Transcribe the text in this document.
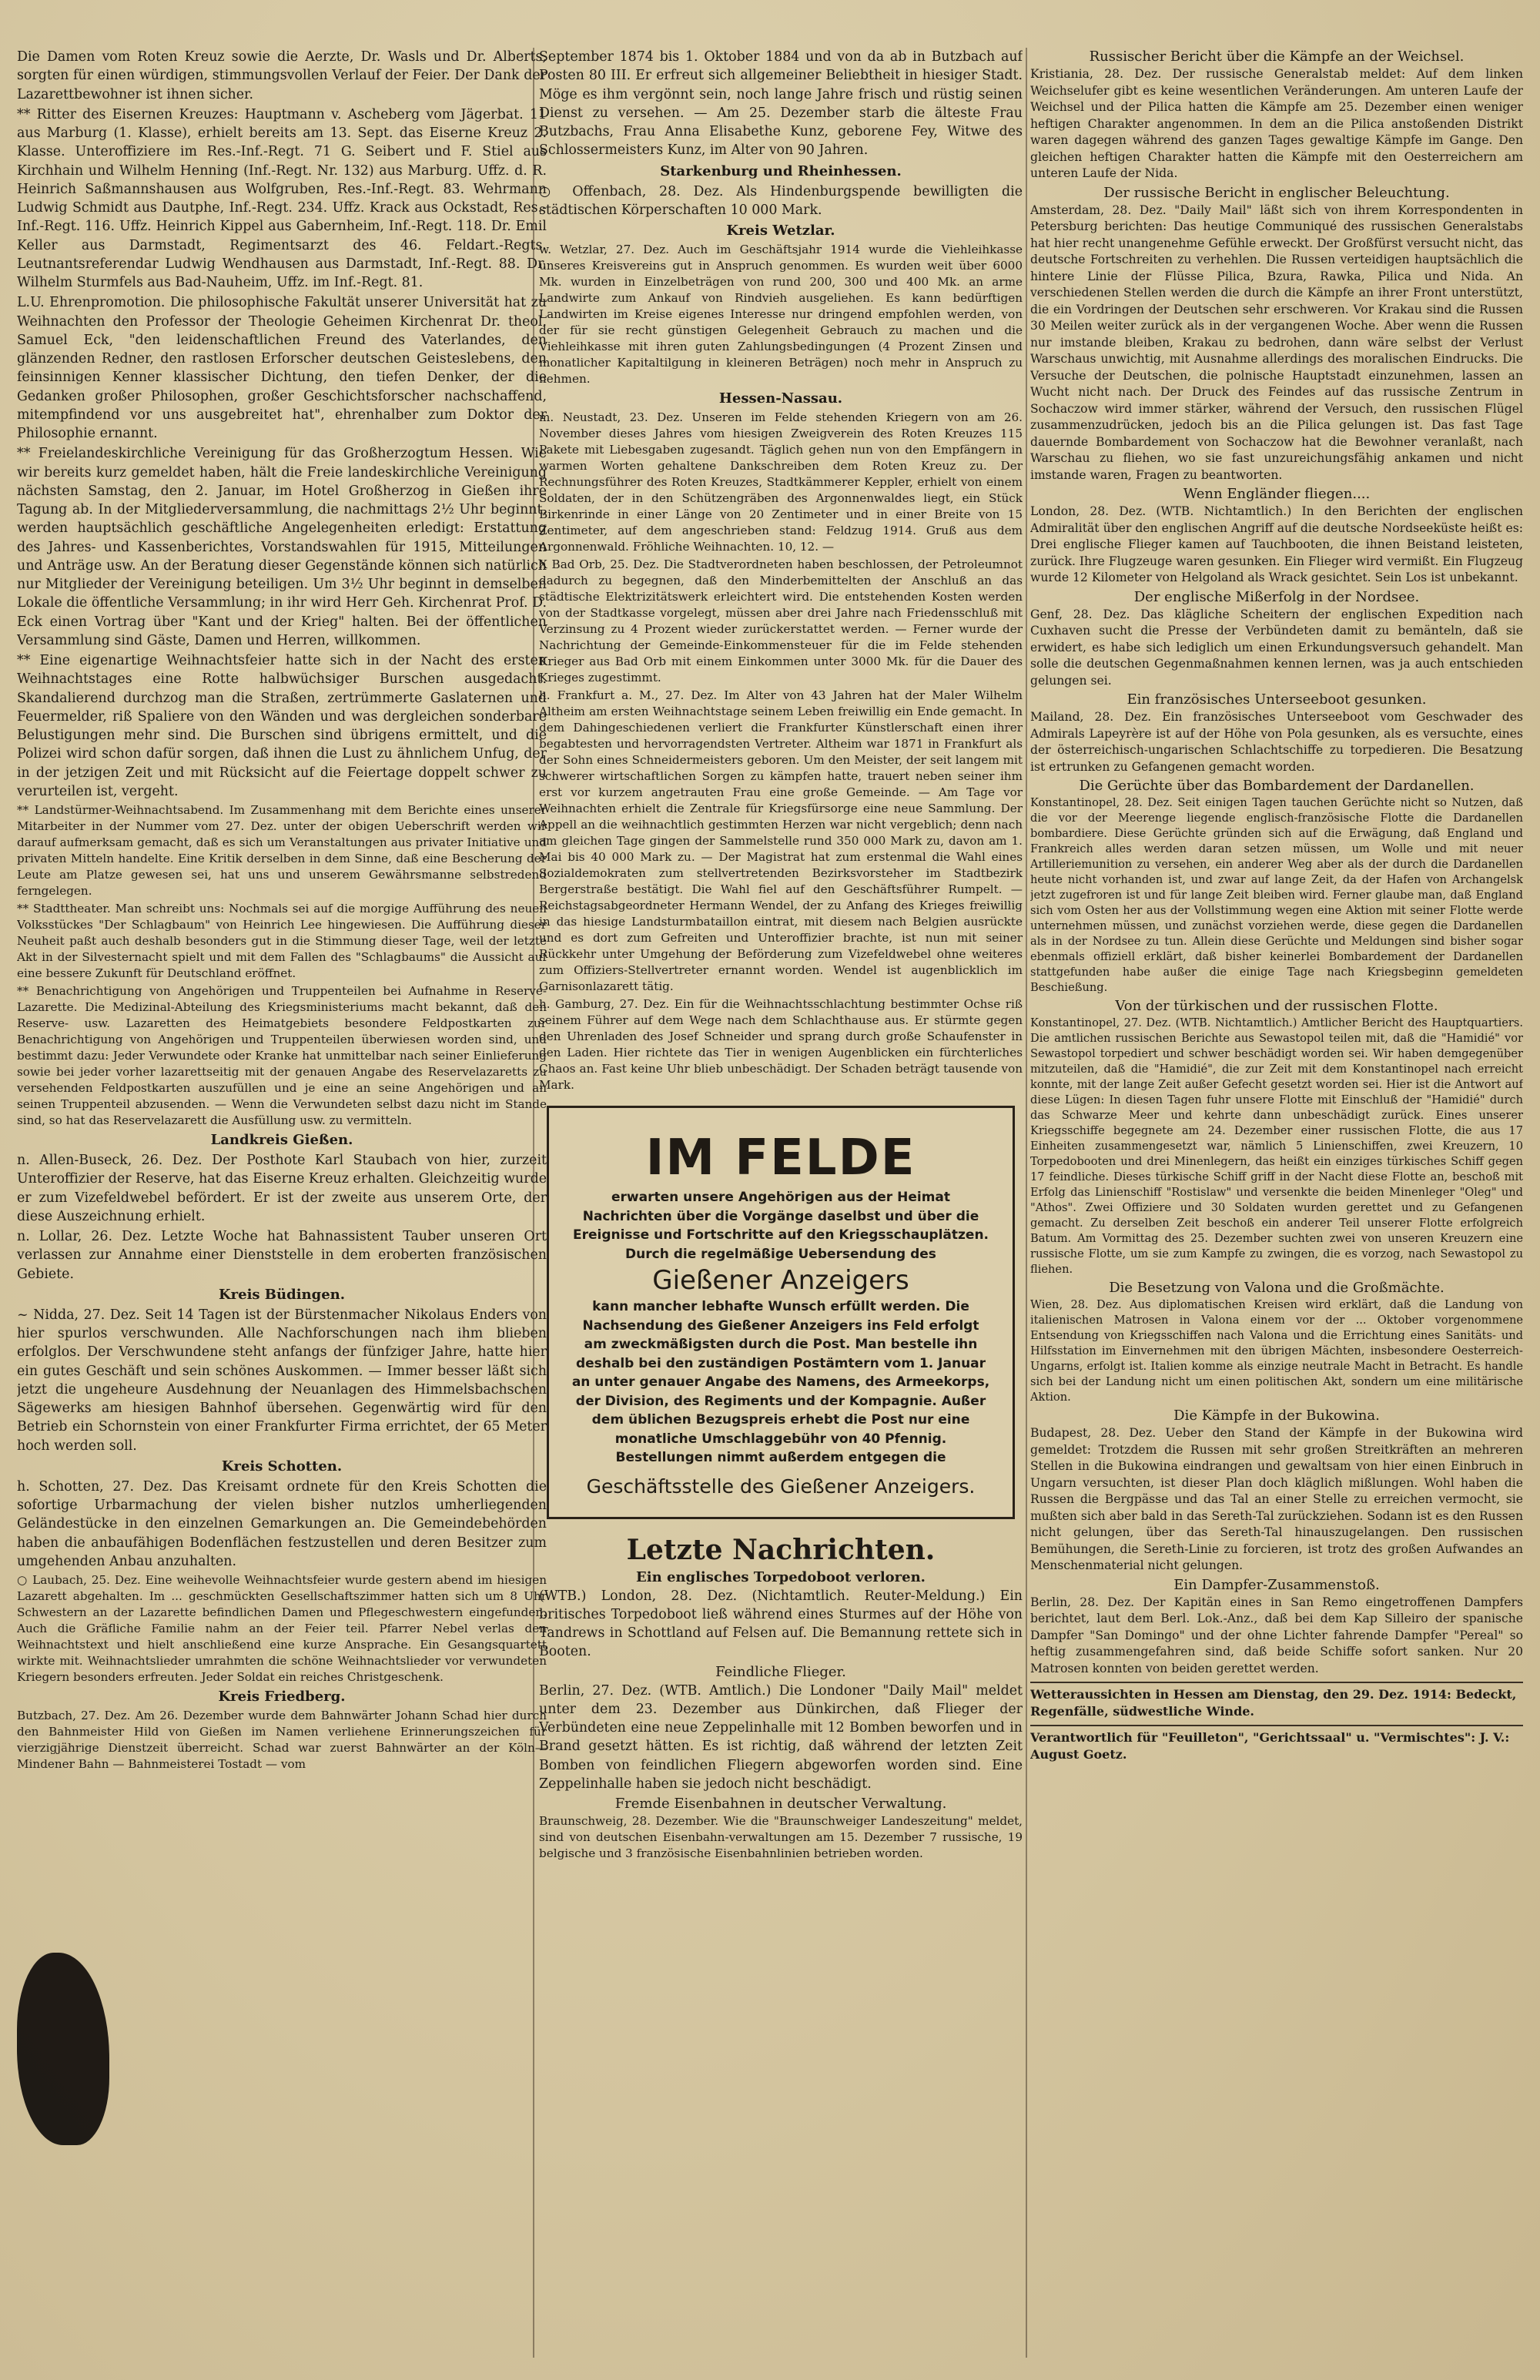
Die Damen vom Roten Kreuz sowie die Aerzte, Dr. Wasls und Dr. Alberts, sorgten für einen würdigen, stimmungsvollen Verlauf der Feier. Der Dank der Lazarettbewohner ist ihnen sicher.

** Ritter des Eisernen Kreuzes: Hauptmann v. Ascheberg vom Jägerbat. 11 aus Marburg (1. Klasse), erhielt bereits am 13. Sept. das Eiserne Kreuz 2. Klasse. Unteroffiziere im Res.-Inf.-Regt. 71 G. Seibert und F. Stiel aus Kirchhain und Wilhelm Henning (Inf.-Regt. Nr. 132) aus Marburg. Uffz. d. R. Heinrich Saßmannshausen aus Wolfgruben, Res.-Inf.-Regt. 83. Wehrmann Ludwig Schmidt aus Dautphe, Inf.-Regt. 234. Uffz. Krack aus Ockstadt, Res.-Inf.-Regt. 116. Uffz. Heinrich Kippel aus Gabernheim, Inf.-Regt. 118. Dr. Emil Keller aus Darmstadt, Regimentsarzt des 46. Feldart.-Regts. Leutnantsreferendar Ludwig Wendhausen aus Darmstadt, Inf.-Regt. 88. Dr. Wilhelm Sturmfels aus Bad-Nauheim, Uffz. im Inf.-Regt. 81.

L.U. Ehrenpromotion. Die philosophische Fakultät unserer Universität hat zu Weihnachten den Professor der Theologie Geheimen Kirchenrat Dr. theol. Samuel Eck, "den leidenschaftlichen Freund des Vaterlandes, den glänzenden Redner, den rastlosen Erforscher deutschen Geisteslebens, den feinsinnigen Kenner klassischer Dichtung, den tiefen Denker, der die Gedanken großer Philosophen, großer Geschichtsforscher nachschaffend, mitempfindend vor uns ausgebreitet hat", ehrenhalber zum Doktor der Philosophie ernannt.

** Freielandeskirchliche Vereinigung für das Großherzogtum Hessen. Wie wir bereits kurz gemeldet haben, hält die Freie landeskirchliche Vereinigung nächsten Samstag, den 2. Januar, im Hotel Großherzog in Gießen ihre Tagung ab. In der Mitgliederversammlung, die nachmittags 2½ Uhr beginnt, werden hauptsächlich geschäftliche Angelegenheiten erledigt: Erstattung des Jahres- und Kassenberichtes, Vorstandswahlen für 1915, Mitteilungen und Anträge usw. An der Beratung dieser Gegenstände können sich natürlich nur Mitglieder der Vereinigung beteiligen. Um 3½ Uhr beginnt in demselben Lokale die öffentliche Versammlung; in ihr wird Herr Geh. Kirchenrat Prof. D. Eck einen Vortrag über "Kant und der Krieg" halten. Bei der öffentlichen Versammlung sind Gäste, Damen und Herren, willkommen.

** Eine eigenartige Weihnachtsfeier hatte sich in der Nacht des ersten Weihnachtstages eine Rotte halbwüchsiger Burschen ausgedacht. Skandalierend durchzog man die Straßen, zertrümmerte Gaslaternen und Feuermelder, riß Spaliere von den Wänden und was dergleichen sonderbare Belustigungen mehr sind. Die Burschen sind übrigens ermittelt, und die Polizei wird schon dafür sorgen, daß ihnen die Lust zu ähnlichem Unfug, der in der jetzigen Zeit und mit Rücksicht auf die Feiertage doppelt schwer zu verurteilen ist, vergeht.

** Landstürmer-Weihnachtsabend. Im Zusammenhang mit dem Berichte eines unserer Mitarbeiter in der Nummer vom 27. Dez. unter der obigen Ueberschrift werden wir darauf aufmerksam gemacht, daß es sich um Veranstaltungen aus privater Initiative und privaten Mitteln handelte. Eine Kritik derselben in dem Sinne, daß eine Bescherung der Leute am Platze gewesen sei, hat uns und unserem Gewährsmanne selbstredend ferngelegen.

** Stadttheater. Man schreibt uns: Nochmals sei auf die morgige Aufführung des neuen Volksstückes "Der Schlagbaum" von Heinrich Lee hingewiesen. Die Aufführung dieser Neuheit paßt auch deshalb besonders gut in die Stimmung dieser Tage, weil der letzte Akt in der Silvesternacht spielt und mit dem Fallen des "Schlagbaums" die Aussicht auf eine bessere Zukunft für Deutschland eröffnet.

** Benachrichtigung von Angehörigen und Truppenteilen bei Aufnahme in Reserve-Lazarette. Die Medizinal-Abteilung des Kriegsministeriums macht bekannt, daß den Reserve- usw. Lazaretten des Heimatgebiets besondere Feldpostkarten zur Benachrichtigung von Angehörigen und Truppenteilen überwiesen worden sind, und bestimmt dazu: Jeder Verwundete oder Kranke hat unmittelbar nach seiner Einlieferung sowie bei jeder vorher lazarettseitig mit der genauen Angabe des Reservelazaretts zu versehenden Feldpostkarten auszufüllen und je eine an seine Angehörigen und an seinen Truppenteil abzusenden. — Wenn die Verwundeten selbst dazu nicht im Stande sind, so hat das Reservelazarett die Ausfüllung usw. zu vermitteln.

Landkreis Gießen.

n. Allen-Buseck, 26. Dez. Der Posthote Karl Staubach von hier, zurzeit Unteroffizier der Reserve, hat das Eiserne Kreuz erhalten. Gleichzeitig wurde er zum Vizefeldwebel befördert. Er ist der zweite aus unserem Orte, der diese Auszeichnung erhielt.

n. Lollar, 26. Dez. Letzte Woche hat Bahnassistent Tauber unseren Ort verlassen zur Annahme einer Dienststelle in dem eroberten französischen Gebiete.

Kreis Büdingen.

~ Nidda, 27. Dez. Seit 14 Tagen ist der Bürstenmacher Nikolaus Enders von hier spurlos verschwunden. Alle Nachforschungen nach ihm blieben erfolglos. Der Verschwundene steht anfangs der fünfziger Jahre, hatte hier ein gutes Geschäft und sein schönes Auskommen. — Immer besser läßt sich jetzt die ungeheure Ausdehnung der Neuanlagen des Himmelsbachschen Sägewerks am hiesigen Bahnhof übersehen. Gegenwärtig wird für den Betrieb ein Schornstein von einer Frankfurter Firma errichtet, der 65 Meter hoch werden soll.

Kreis Schotten.

h. Schotten, 27. Dez. Das Kreisamt ordnete für den Kreis Schotten die sofortige Urbarmachung der vielen bisher nutzlos umherliegenden Geländestücke in den einzelnen Gemarkungen an. Die Gemeindebehörden haben die anbaufähigen Bodenflächen festzustellen und deren Besitzer zum umgehenden Anbau anzuhalten.

○ Laubach, 25. Dez. Eine weihevolle Weihnachtsfeier wurde gestern abend im hiesigen Lazarett abgehalten. Im ... geschmückten Gesellschaftszimmer hatten sich um 8 Uhr Schwestern an der Lazarette befindlichen Damen und Pflegeschwestern eingefunden. Auch die Gräfliche Familie nahm an der Feier teil. Pfarrer Nebel verlas den Weihnachtstext und hielt anschließend eine kurze Ansprache. Ein Gesangsquartett wirkte mit. Weihnachtslieder umrahmten die schöne Weihnachtslieder vor verwundeten Kriegern besonders erfreuten. Jeder Soldat ein reiches Christgeschenk.

Kreis Friedberg.

Butzbach, 27. Dez. Am 26. Dezember wurde dem Bahnwärter Johann Schad hier durch den Bahnmeister Hild von Gießen im Namen verliehene Erinnerungszeichen für vierzigjährige Dienstzeit überreicht. Schad war zuerst Bahnwärter an der Köln—Mindener Bahn — Bahnmeisterei Tostadt — vom

September 1874 bis 1. Oktober 1884 und von da ab in Butzbach auf Posten 80 III. Er erfreut sich allgemeiner Beliebtheit in hiesiger Stadt. Möge es ihm vergönnt sein, noch lange Jahre frisch und rüstig seinen Dienst zu versehen. — Am 25. Dezember starb die älteste Frau Butzbachs, Frau Anna Elisabethe Kunz, geborene Fey, Witwe des Schlossermeisters Kunz, im Alter von 90 Jahren.

Starkenburg und Rheinhessen.

○ Offenbach, 28. Dez. Als Hindenburgspende bewilligten die städtischen Körperschaften 10 000 Mark.

Kreis Wetzlar.

w. Wetzlar, 27. Dez. Auch im Geschäftsjahr 1914 wurde die Viehleihkasse unseres Kreisvereins gut in Anspruch genommen. Es wurden weit über 6000 Mk. wurden in Einzelbeträgen von rund 200, 300 und 400 Mk. an arme Landwirte zum Ankauf von Rindvieh ausgeliehen. Es kann bedürftigen Landwirten im Kreise eigenes Interesse nur dringend empfohlen werden, von der für sie recht günstigen Gelegenheit Gebrauch zu machen und die Viehleihkasse mit ihren guten Zahlungsbedingungen (4 Prozent Zinsen und monatlicher Kapitaltilgung in kleineren Beträgen) noch mehr in Anspruch zu nehmen.

Hessen-Nassau.

m. Neustadt, 23. Dez. Unseren im Felde stehenden Kriegern von am 26. November dieses Jahres vom hiesigen Zweigverein des Roten Kreuzes 115 Pakete mit Liebesgaben zugesandt. Täglich gehen nun von den Empfängern in warmen Worten gehaltene Dankschreiben dem Roten Kreuz zu. Der Rechnungsführer des Roten Kreuzes, Stadtkämmerer Keppler, erhielt von einem Soldaten, der in den Schützengräben des Argonnenwaldes liegt, ein Stück Birkenrinde in einer Länge von 20 Zentimeter und in einer Breite von 15 Zentimeter, auf dem angeschrieben stand: Feldzug 1914. Gruß aus dem Argonnenwald. Fröhliche Weihnachten. 10, 12. —

X Bad Orb, 25. Dez. Die Stadtverordneten haben beschlossen, der Petroleumnot dadurch zu begegnen, daß den Minderbemittelten der Anschluß an das städtische Elektrizitätswerk erleichtert wird. Die entstehenden Kosten werden von der Stadtkasse vorgelegt, müssen aber drei Jahre nach Friedensschluß mit Verzinsung zu 4 Prozent wieder zurückerstattet werden. — Ferner wurde der Nachrichtung der Gemeinde-Einkommensteuer für die im Felde stehenden Krieger aus Bad Orb mit einem Einkommen unter 3000 Mk. für die Dauer des Krieges zugestimmt.

h. Frankfurt a. M., 27. Dez. Im Alter von 43 Jahren hat der Maler Wilhelm Altheim am ersten Weihnachtstage seinem Leben freiwillig ein Ende gemacht. In dem Dahingeschiedenen verliert die Frankfurter Künstlerschaft einen ihrer begabtesten und hervorragendsten Vertreter. Altheim war 1871 in Frankfurt als der Sohn eines Schneidermeisters geboren. Um den Meister, der seit langem mit schwerer wirtschaftlichen Sorgen zu kämpfen hatte, trauert neben seiner ihm erst vor kurzem angetrauten Frau eine große Gemeinde. — Am Tage vor Weihnachten erhielt die Zentrale für Kriegsfürsorge eine neue Sammlung. Der Appell an die weihnachtlich gestimmten Herzen war nicht vergeblich; denn nach am gleichen Tage gingen der Sammelstelle rund 350 000 Mark zu, davon am 1. Mai bis 40 000 Mark zu. — Der Magistrat hat zum erstenmal die Wahl eines Sozialdemokraten zum stellvertretenden Bezirksvorsteher im Stadtbezirk Bergerstraße bestätigt. Die Wahl fiel auf den Geschäftsführer Rumpelt. — Reichstagsabgeordneter Hermann Wendel, der zu Anfang des Krieges freiwillig in das hiesige Landsturmbataillon eintrat, mit diesem nach Belgien ausrückte und es dort zum Gefreiten und Unteroffizier brachte, ist nun mit seiner Rückkehr unter Umgehung der Beförderung zum Vizefeldwebel ohne weiteres zum Offiziers-Stellvertreter ernannt worden. Wendel ist augenblicklich im Garnisonlazarett tätig.

h. Gamburg, 27. Dez. Ein für die Weihnachtsschlachtung bestimmter Ochse riß seinem Führer auf dem Wege nach dem Schlachthause aus. Er stürmte gegen den Uhrenladen des Josef Schneider und sprang durch große Schaufenster in den Laden. Hier richtete das Tier in wenigen Augenblicken ein fürchterliches Chaos an. Fast keine Uhr blieb unbeschädigt. Der Schaden beträgt tausende von Mark.

IM FELDE
erwarten unsere Angehörigen aus der Heimat Nachrichten über die Vorgänge daselbst und über die Ereignisse und Fortschritte auf den Kriegsschauplätzen. Durch die regelmäßige Uebersendung des
Gießener Anzeigers
kann mancher lebhafte Wunsch erfüllt werden. Die Nachsendung des Gießener Anzeigers ins Feld erfolgt am zweckmäßigsten durch die Post. Man bestelle ihn deshalb bei den zuständigen Postämtern vom 1. Januar an unter genauer Angabe des Namens, des Armeekorps, der Division, des Regiments und der Kompagnie. Außer dem üblichen Bezugspreis erhebt die Post nur eine monatliche Umschlaggebühr von 40 Pfennig. Bestellungen nimmt außerdem entgegen die
Geschäftsstelle des Gießener Anzeigers.
Letzte Nachrichten.
Ein englisches Torpedoboot verloren.

(WTB.) London, 28. Dez. (Nichtamtlich. Reuter-Meldung.) Ein britisches Torpedoboot ließ während eines Sturmes auf der Höhe von Tandrews in Schottland auf Felsen auf. Die Bemannung rettete sich in Booten.

Feindliche Flieger.

Berlin, 27. Dez. (WTB. Amtlich.) Die Londoner "Daily Mail" meldet unter dem 23. Dezember aus Dünkirchen, daß Flieger der Verbündeten eine neue Zeppelinhalle mit 12 Bomben beworfen und in Brand gesetzt hätten. Es ist richtig, daß während der letzten Zeit Bomben von feindlichen Fliegern abgeworfen worden sind. Eine Zeppelinhalle haben sie jedoch nicht beschädigt.

Fremde Eisenbahnen in deutscher Verwaltung.

Braunschweig, 28. Dezember. Wie die "Braunschweiger Landeszeitung" meldet, sind von deutschen Eisenbahn-verwaltungen am 15. Dezember 7 russische, 19 belgische und 3 französische Eisenbahnlinien betrieben worden.

Russischer Bericht über die Kämpfe an der Weichsel.

Kristiania, 28. Dez. Der russische Generalstab meldet: Auf dem linken Weichselufer gibt es keine wesentlichen Veränderungen. Am unteren Laufe der Weichsel und der Pilica hatten die Kämpfe am 25. Dezember einen weniger heftigen Charakter angenommen. In dem an die Pilica anstoßenden Distrikt waren dagegen während des ganzen Tages gewaltige Kämpfe im Gange. Den gleichen heftigen Charakter hatten die Kämpfe mit den Oesterreichern am unteren Laufe der Nida.

Der russische Bericht in englischer Beleuchtung.

Amsterdam, 28. Dez. "Daily Mail" läßt sich von ihrem Korrespondenten in Petersburg berichten: Das heutige Communiqué des russischen Generalstabs hat hier recht unangenehme Gefühle erweckt. Der Großfürst versucht nicht, das deutsche Fortschreiten zu verhehlen. Die Russen verteidigen hauptsächlich die hintere Linie der Flüsse Pilica, Bzura, Rawka, Pilica und Nida. An verschiedenen Stellen werden die durch die Kämpfe an ihrer Front unterstützt, die ein Vordringen der Deutschen sehr erschweren. Vor Krakau sind die Russen 30 Meilen weiter zurück als in der vergangenen Woche. Aber wenn die Russen nur imstande bleiben, Krakau zu bedrohen, dann wäre selbst der Verlust Warschaus unwichtig, mit Ausnahme allerdings des moralischen Eindrucks. Die Versuche der Deutschen, die polnische Hauptstadt einzunehmen, lassen an Wucht nicht nach. Der Druck des Feindes auf das russische Zentrum in Sochaczow wird immer stärker, während der Versuch, den russischen Flügel zusammenzudrücken, jedoch bis an die Pilica gelungen ist. Das fast Tage dauernde Bombardement von Sochaczow hat die Bewohner veranlaßt, nach Warschau zu fliehen, wo sie fast unzureichungsfähig ankamen und nicht imstande waren, Fragen zu beantworten.

Wenn Engländer fliegen....

London, 28. Dez. (WTB. Nichtamtlich.) In den Berichten der englischen Admiralität über den englischen Angriff auf die deutsche Nordseeküste heißt es: Drei englische Flieger kamen auf Tauchbooten, die ihnen Beistand leisteten, zurück. Ihre Flugzeuge waren gesunken. Ein Flieger wird vermißt. Ein Flugzeug wurde 12 Kilometer von Helgoland als Wrack gesichtet. Sein Los ist unbekannt.

Der englische Mißerfolg in der Nordsee.

Genf, 28. Dez. Das klägliche Scheitern der englischen Expedition nach Cuxhaven sucht die Presse der Verbündeten damit zu bemänteln, daß sie erwidert, es habe sich lediglich um einen Erkundungsversuch gehandelt. Man solle die deutschen Gegenmaßnahmen kennen lernen, was ja auch entschieden gelungen sei.

Ein französisches Unterseeboot gesunken.

Mailand, 28. Dez. Ein französisches Unterseeboot vom Geschwader des Admirals Lapeyrère ist auf der Höhe von Pola gesunken, als es versuchte, eines der österreichisch-ungarischen Schlachtschiffe zu torpedieren. Die Besatzung ist ertrunken zu Gefangenen gemacht worden.

Die Gerüchte über das Bombardement der Dardanellen.

Konstantinopel, 28. Dez. Seit einigen Tagen tauchen Gerüchte nicht so Nutzen, daß die vor der Meerenge liegende englisch-französische Flotte die Dardanellen bombardiere. Diese Gerüchte gründen sich auf die Erwägung, daß England und Frankreich alles werden daran setzen müssen, um Wolle und mit neuer Artilleriemunition zu versehen, ein anderer Weg aber als der durch die Dardanellen heute nicht vorhanden ist, und zwar auf lange Zeit, da der Hafen von Archangelsk jetzt zugefroren ist und für lange Zeit bleiben wird. Ferner glaube man, daß England sich vom Osten her aus der Vollstimmung wegen eine Aktion mit seiner Flotte werde unternehmen müssen, und zunächst vorziehen werde, diese gegen die Dardanellen als in der Nordsee zu tun. Allein diese Gerüchte und Meldungen sind bisher sogar ebenmals offiziell erklärt, daß bisher keinerlei Bombardement der Dardanellen stattgefunden habe außer die einige Tage nach Kriegsbeginn gemeldeten Beschießung.

Von der türkischen und der russischen Flotte.

Konstantinopel, 27. Dez. (WTB. Nichtamtlich.) Amtlicher Bericht des Hauptquartiers. Die amtlichen russischen Berichte aus Sewastopol teilen mit, daß die "Hamidié" vor Sewastopol torpediert und schwer beschädigt worden sei. Wir haben demgegenüber mitzuteilen, daß die "Hamidié", die zur Zeit mit dem Konstantinopel nach erreicht konnte, mit der lange Zeit außer Gefecht gesetzt worden sei. Hier ist die Antwort auf diese Lügen: In diesen Tagen fuhr unsere Flotte mit Einschluß der "Hamidié" durch das Schwarze Meer und kehrte dann unbeschädigt zurück. Eines unserer Kriegsschiffe begegnete am 24. Dezember einer russischen Flotte, die aus 17 Einheiten zusammengesetzt war, nämlich 5 Linienschiffen, zwei Kreuzern, 10 Torpedobooten und drei Minenlegern, das heißt ein einziges türkisches Schiff gegen 17 feindliche. Dieses türkische Schiff griff in der Nacht diese Flotte an, beschoß mit Erfolg das Linienschiff "Rostislaw" und versenkte die beiden Minenleger "Oleg" und "Athos". Zwei Offiziere und 30 Soldaten wurden gerettet und zu Gefangenen gemacht. Zu derselben Zeit beschoß ein anderer Teil unserer Flotte erfolgreich Batum. Am Vormittag des 25. Dezember suchten zwei von unseren Kreuzern eine russische Flotte, um sie zum Kampfe zu zwingen, die es vorzog, nach Sewastopol zu fliehen.

Die Besetzung von Valona und die Großmächte.

Wien, 28. Dez. Aus diplomatischen Kreisen wird erklärt, daß die Landung von italienischen Matrosen in Valona einem vor der ... Oktober vorgenommene Entsendung von Kriegsschiffen nach Valona und die Errichtung eines Sanitäts- und Hilfsstation im Einvernehmen mit den übrigen Mächten, insbesondere Oesterreich-Ungarns, erfolgt ist. Italien komme als einzige neutrale Macht in Betracht. Es handle sich bei der Landung nicht um einen politischen Akt, sondern um eine militärische Aktion.

Die Kämpfe in der Bukowina.

Budapest, 28. Dez. Ueber den Stand der Kämpfe in der Bukowina wird gemeldet: Trotzdem die Russen mit sehr großen Streitkräften an mehreren Stellen in die Bukowina eindrangen und gewaltsam von hier einen Einbruch in Ungarn versuchten, ist dieser Plan doch kläglich mißlungen. Wohl haben die Russen die Bergpässe und das Tal an einer Stelle zu erreichen vermocht, sie mußten sich aber bald in das Sereth-Tal zurückziehen. Sodann ist es den Russen nicht gelungen, über das Sereth-Tal hinauszugelangen. Den russischen Bemühungen, die Sereth-Linie zu forcieren, ist trotz des großen Aufwandes an Menschenmaterial nicht gelungen.

Ein Dampfer-Zusammenstoß.

Berlin, 28. Dez. Der Kapitän eines in San Remo eingetroffenen Dampfers berichtet, laut dem Berl. Lok.-Anz., daß bei dem Kap Silleiro der spanische Dampfer "San Domingo" und der ohne Lichter fahrende Dampfer "Pereal" so heftig zusammengefahren sind, daß beide Schiffe sofort sanken. Nur 20 Matrosen konnten von beiden gerettet werden.

Wetteraussichten in Hessen am Dienstag, den 29. Dez. 1914: Bedeckt, Regenfälle, südwestliche Winde.
Verantwortlich für "Feuilleton", "Gerichtssaal" u. "Vermischtes": J. V.: August Goetz.
